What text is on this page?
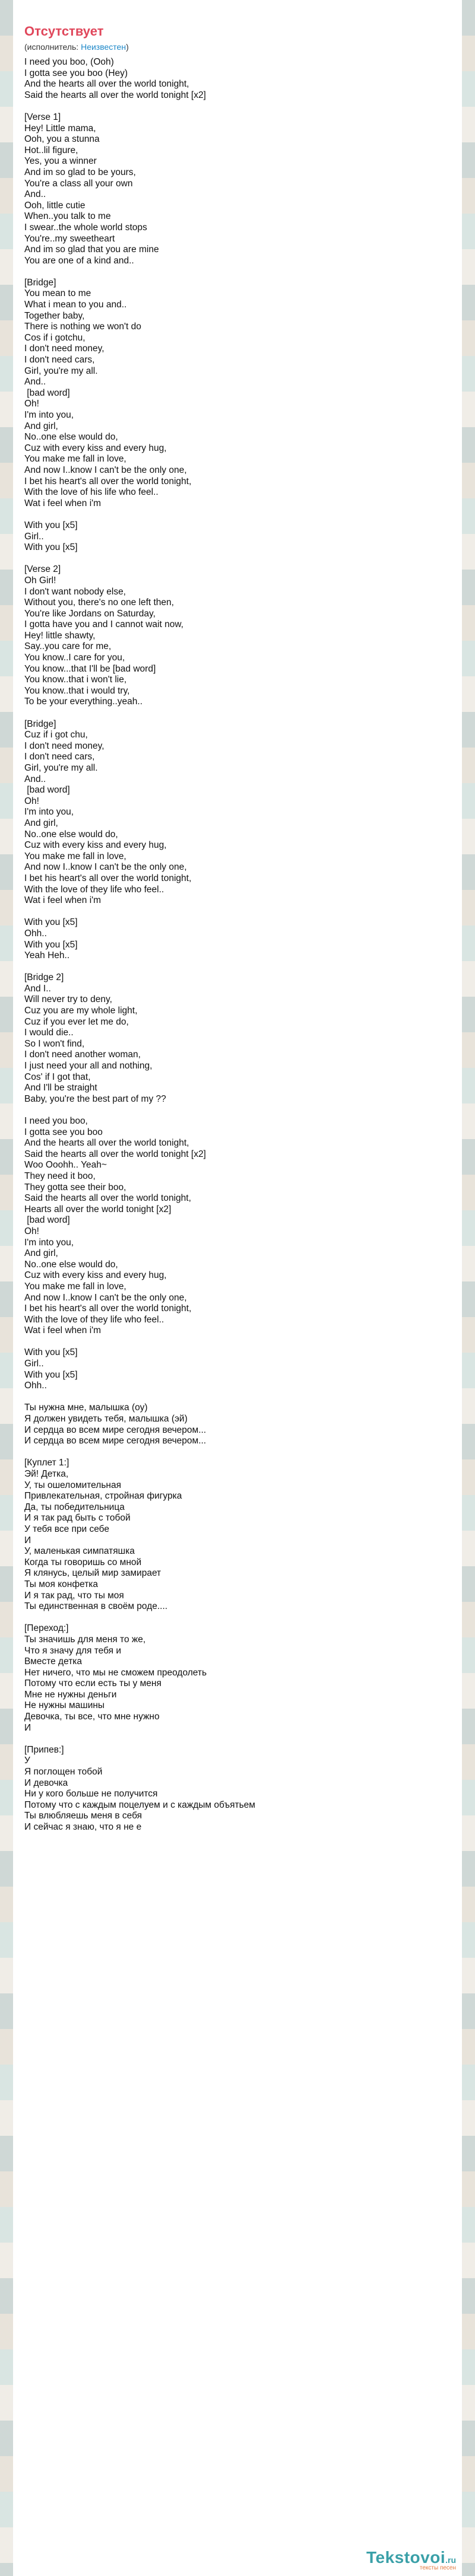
Отсутствует
(исполнитель: Неизвестен)
I need you boo, (Ooh)
I gotta see you boo (Hey)
And the hearts all over the world tonight,
Said the hearts all over the world tonight [x2]
[Verse 1]
Hey! Little mama,
Ooh, you a stunna
Hot..lil figure,
Yes, you a winner
And im so glad to be yours,
You're a class all your own
And..
Ooh, little cutie
When..you talk to me
I swear..the whole world stops
You're..my sweetheart
And im so glad that you are mine
You are one of a kind and..
[Bridge]
You mean to me
What i mean to you and..
Together baby,
There is nothing we won't do
Cos if i gotchu,
I don't need money,
I don't need cars,
Girl, you're my all.
And..
[bad word]
Oh!
I'm into you,
And girl,
No..one else would do,
Cuz with every kiss and every hug,
You make me fall in love,
And now I..know I can't be the only one,
I bet his heart's all over the world tonight,
With the love of his life who feel..
Wat i feel when i'm
With you [x5]
Girl..
With you [x5]
[Verse 2]
Oh Girl!
I don't want nobody else,
Without you, there's no one left then,
You're like Jordans on Saturday,
I gotta have you and I cannot wait now,
Hey! little shawty,
Say..you care for me,
You know..I care for you,
You know...that I'll be [bad word]
You know..that i won't lie,
You know..that i would try,
To be your everything..yeah..
[Bridge]
Cuz if i got chu,
I don't need money,
I don't need cars,
Girl, you're my all.
And..
[bad word]
Oh!
I'm into you,
And girl,
No..one else would do,
Cuz with every kiss and every hug,
You make me fall in love,
And now I..know I can't be the only one,
I bet his heart's all over the world tonight,
With the love of they life who feel..
Wat i feel when i'm
With you [x5]
Ohh..
With you [x5]
Yeah Heh..
[Bridge 2]
And I..
Will never try to deny,
Cuz you are my whole light,
Cuz if you ever let me do,
I would die..
So I won't find,
I don't need another woman,
I just need your all and nothing,
Cos' if I got that,
And I'll be straight
Baby, you're the best part of my ??
I need you boo,
I gotta see you boo
And the hearts all over the world tonight,
Said the hearts all over the world tonight [x2]
Woo Ooohh.. Yeah~
They need it boo,
They gotta see their boo,
Said the hearts all over the world tonight,
Hearts all over the world tonight [x2]
[bad word]
Oh!
I'm into you,
And girl,
No..one else would do,
Cuz with every kiss and every hug,
You make me fall in love,
And now I..know I can't be the only one,
I bet his heart's all over the world tonight,
With the love of they life who feel..
Wat i feel when i'm
With you [x5]
Girl..
With you [x5]
Ohh..
Ты нужна мне, малышка (оу)
Я должен увидеть тебя, малышка (эй)
И сердца во всем мире сегодня вечером...
И сердца во всем мире сегодня вечером...
[Куплет 1:]
Эй! Детка,
У, ты ошеломительная
Привлекательная, стройная фигурка
Да, ты победительница
И я так рад быть с тобой
У тебя все при себе
И
У, маленькая симпатяшка
Когда ты говоришь со мной
Я клянусь, целый мир замирает
Ты моя конфетка
И я так рад, что ты моя
Ты единственная в своём роде....
[Переход:]
Ты значишь для меня то же,
Что я значу для тебя и
Вместе детка
Нет ничего, что мы не сможем преодолеть
Потому что если есть ты у меня
Мне не нужны деньги
Не нужны машины
Девочка, ты все, что мне нужно
И
[Припев:]
У
Я поглощен тобой
И девочка
Ни у кого больше не получится
Потому что с каждым поцелуем и с каждым объятьем
Ты влюбляешь меня в себя
И сейчас я знаю, что я не е
Tekstovoi.ru
тексты песен
